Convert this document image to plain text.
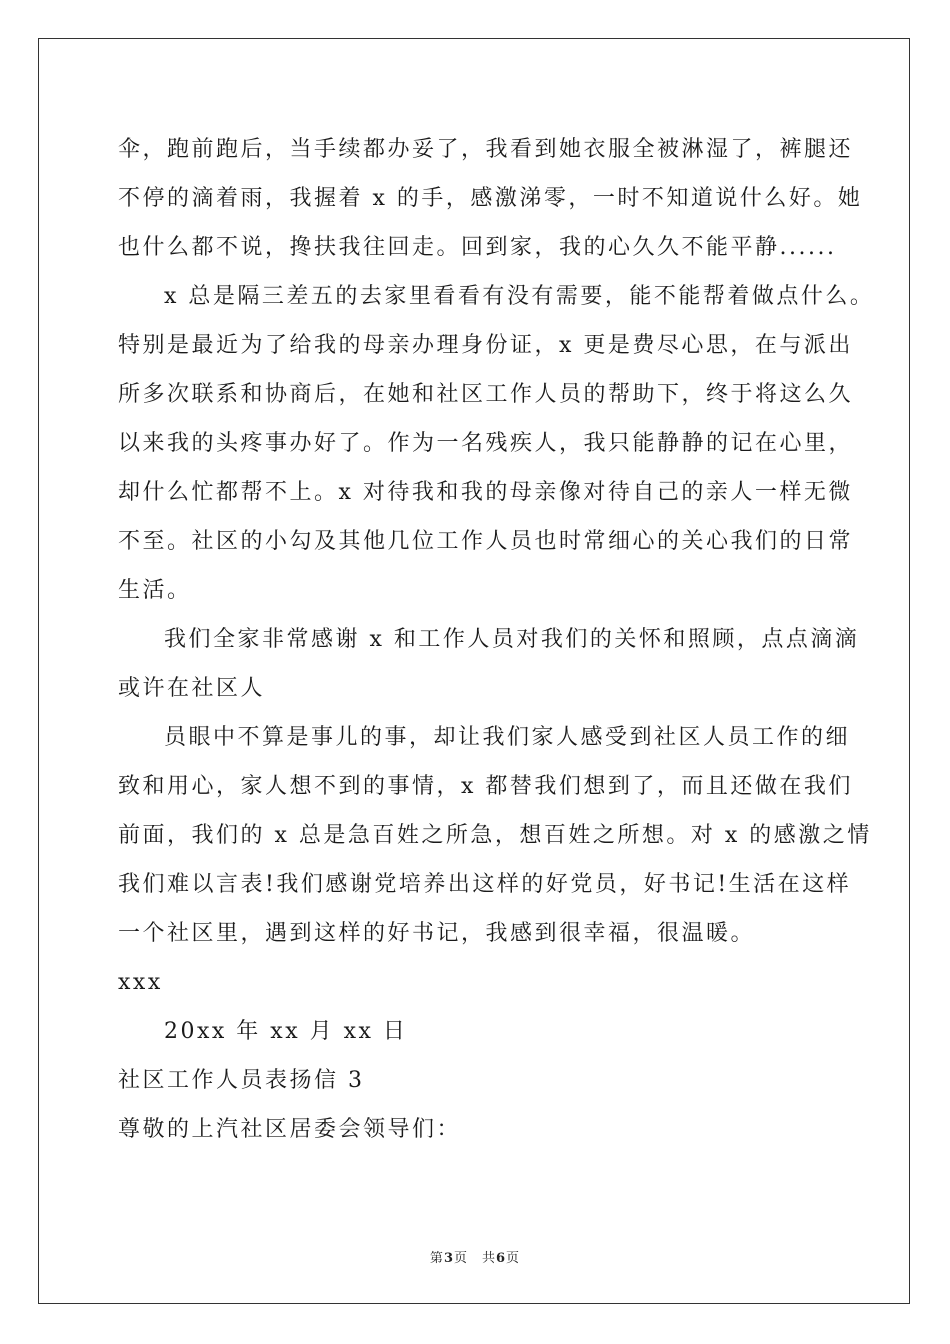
伞，跑前跑后，当手续都办妥了，我看到她衣服全被淋湿了，裤腿还
不停的滴着雨，我握着 x 的手，感激涕零，一时不知道说什么好。她
也什么都不说，搀扶我往回走。回到家，我的心久久不能平静......
x 总是隔三差五的去家里看看有没有需要，能不能帮着做点什么。
特别是最近为了给我的母亲办理身份证，x 更是费尽心思，在与派出
所多次联系和协商后，在她和社区工作人员的帮助下，终于将这么久
以来我的头疼事办好了。作为一名残疾人，我只能静静的记在心里，
却什么忙都帮不上。x 对待我和我的母亲像对待自己的亲人一样无微
不至。社区的小勾及其他几位工作人员也时常细心的关心我们的日常
生活。
我们全家非常感谢 x 和工作人员对我们的关怀和照顾，点点滴滴
或许在社区人
员眼中不算是事儿的事，却让我们家人感受到社区人员工作的细
致和用心，家人想不到的事情，x 都替我们想到了，而且还做在我们
前面，我们的 x 总是急百姓之所急，想百姓之所想。对 x 的感激之情
我们难以言表!我们感谢党培养出这样的好党员，好书记!生活在这样
一个社区里，遇到这样的好书记，我感到很幸福，很温暖。
xxx
20xx 年 xx 月 xx 日
社区工作人员表扬信 3
尊敬的上汽社区居委会领导们：
第3页　共6页
